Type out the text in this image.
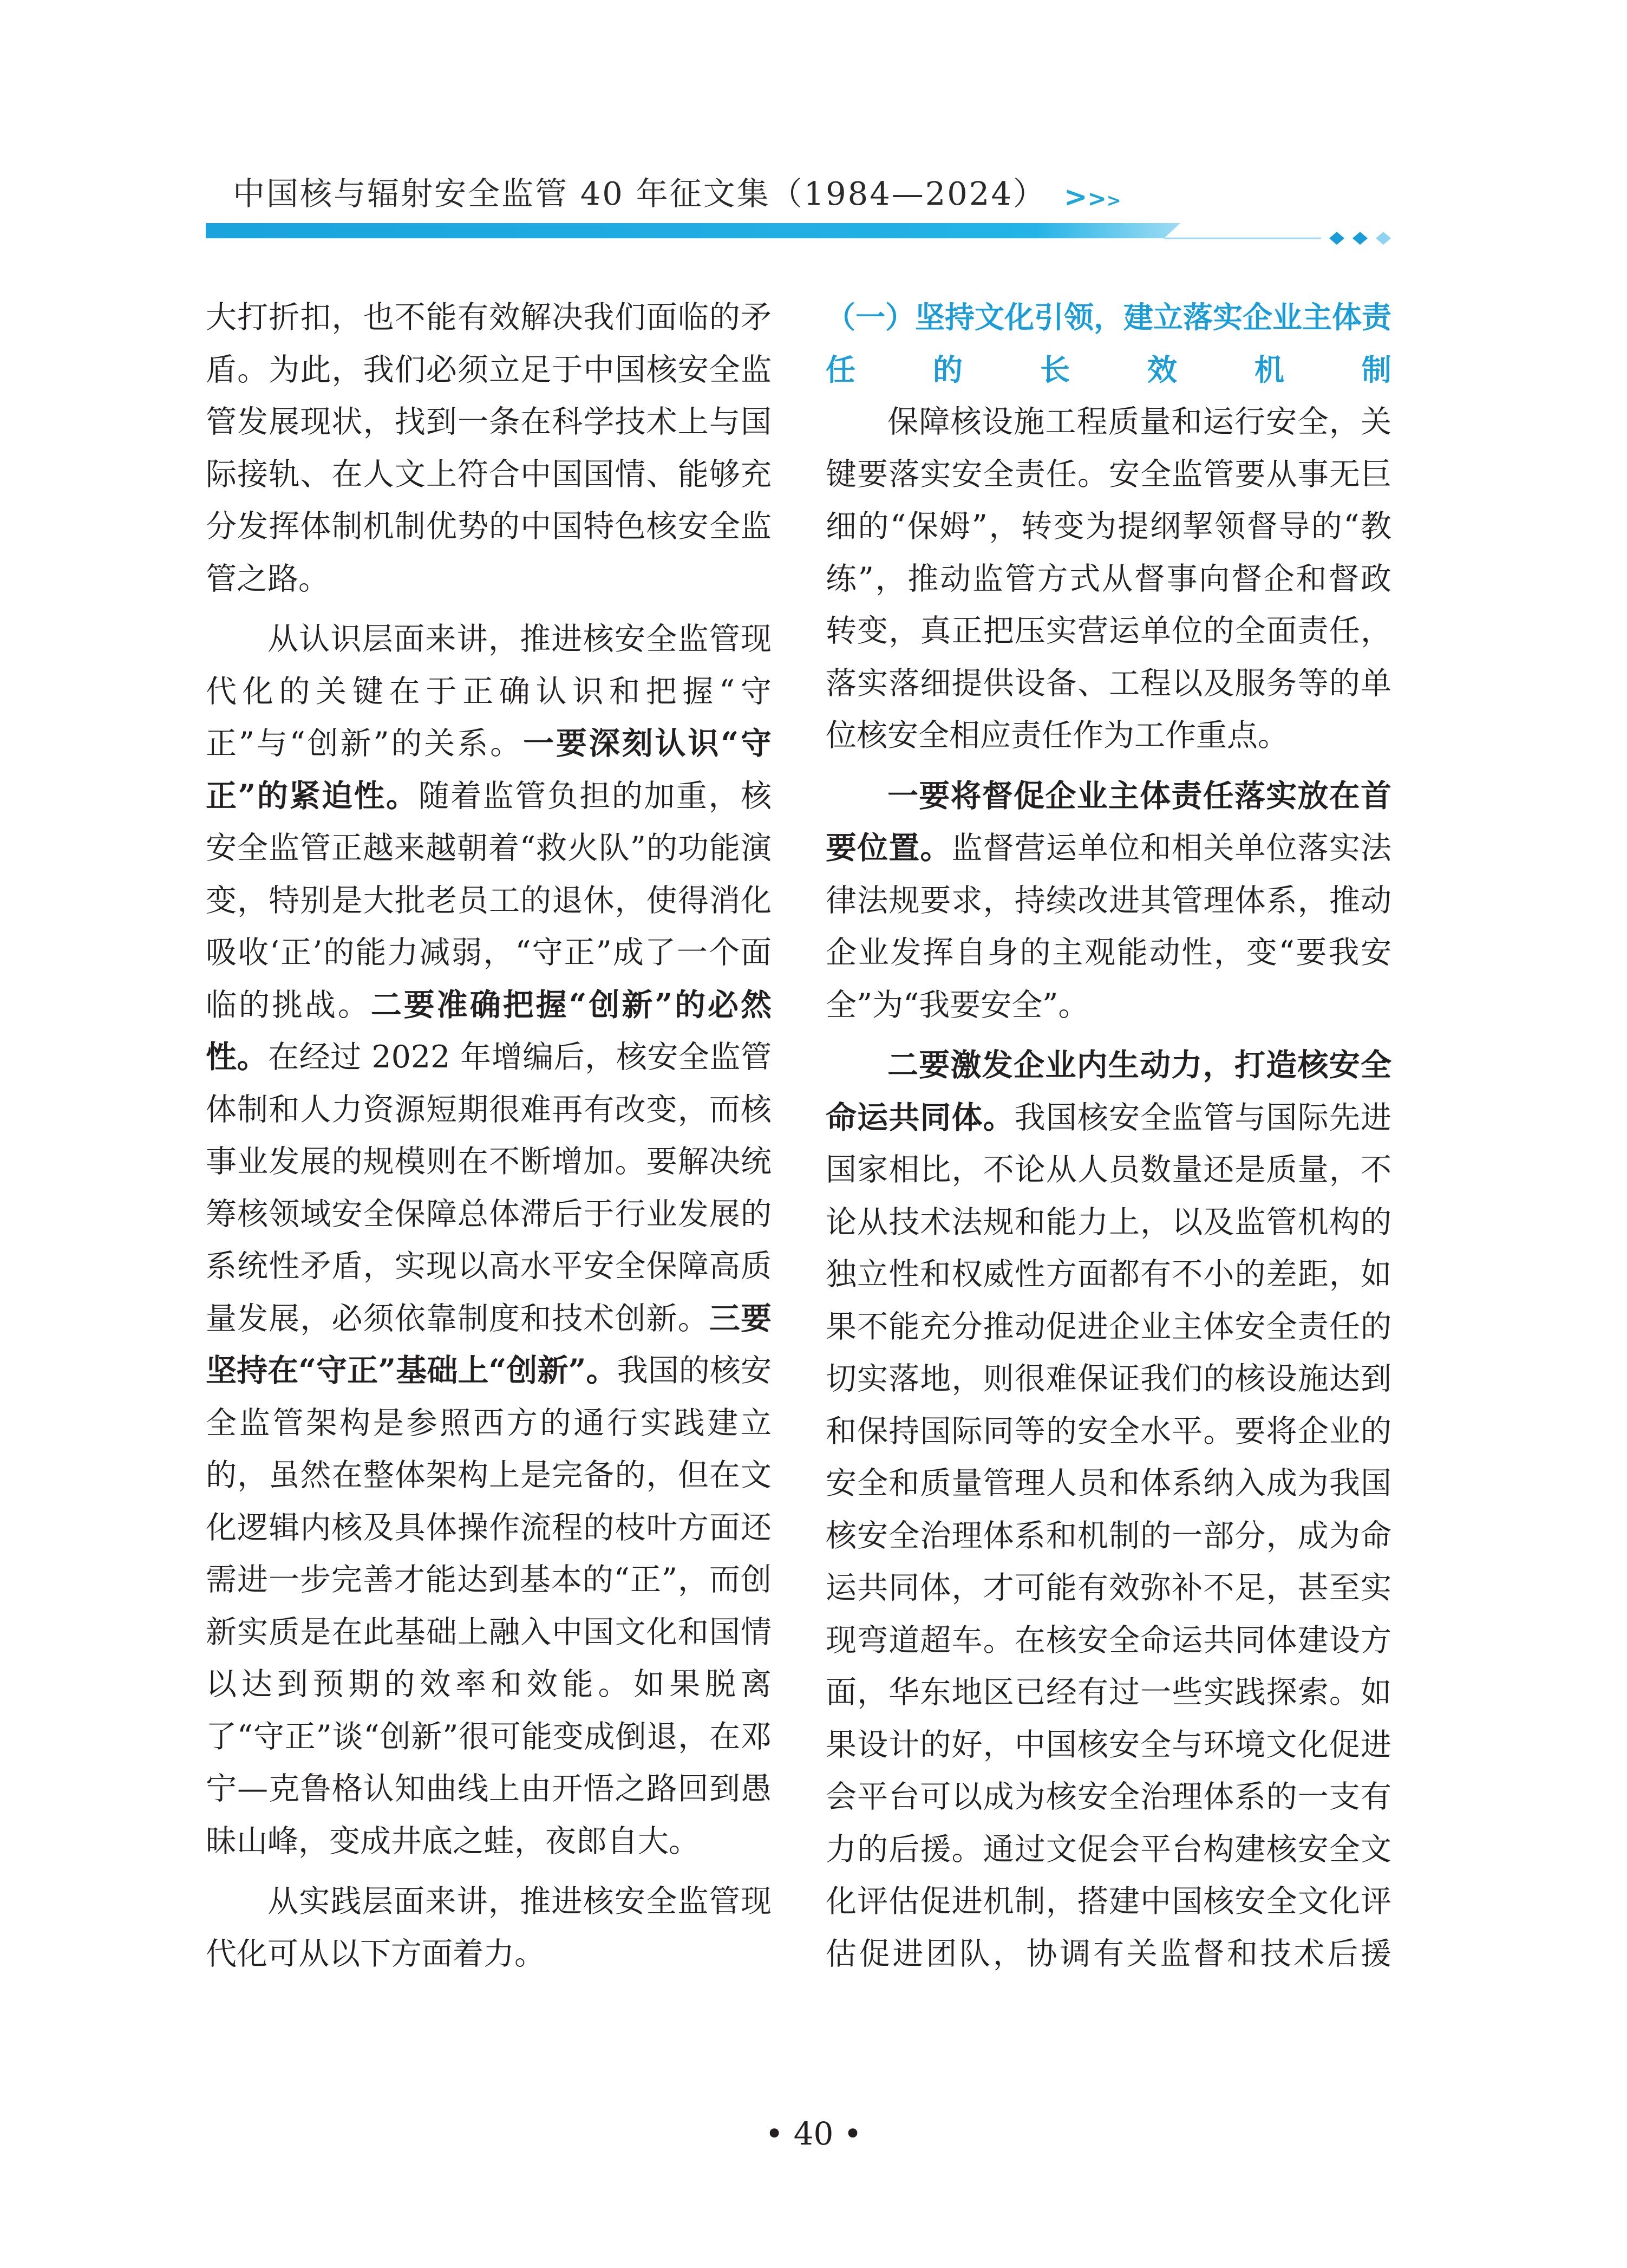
中国核与辐射安全监管 40 年征文集（1984—2024） >>>

大打折扣，也不能有效解决我们面临的矛盾。为此，我们必须立足于中国核安全监管发展现状，找到一条在科学技术上与国际接轨、在人文上符合中国国情、能够充分发挥体制机制优势的中国特色核安全监管之路。

从认识层面来讲，推进核安全监管现代化的关键在于正确认识和把握“守正”与“创新”的关系。一要深刻认识“守正”的紧迫性。随着监管负担的加重，核安全监管正越来越朝着“救火队”的功能演变，特别是大批老员工的退休，使得消化吸收‘正’的能力减弱，“守正”成了一个面临的挑战。二要准确把握“创新”的必然性。在经过 2022 年增编后，核安全监管体制和人力资源短期很难再有改变，而核事业发展的规模则在不断增加。要解决统筹核领域安全保障总体滞后于行业发展的系统性矛盾，实现以高水平安全保障高质量发展，必须依靠制度和技术创新。三要坚持在“守正”基础上“创新”。我国的核安全监管架构是参照西方的通行实践建立的，虽然在整体架构上是完备的，但在文化逻辑内核及具体操作流程的枝叶方面还需进一步完善才能达到基本的“正”，而创新实质是在此基础上融入中国文化和国情以达到预期的效率和效能。如果脱离了“守正”谈“创新”很可能变成倒退，在邓宁—克鲁格认知曲线上由开悟之路回到愚昧山峰，变成井底之蛙，夜郎自大。

从实践层面来讲，推进核安全监管现代化可从以下方面着力。

（一）坚持文化引领，建立落实企业主体责任的长效机制

保障核设施工程质量和运行安全，关键要落实安全责任。安全监管要从事无巨细的“保姆”，转变为提纲挈领督导的“教练”，推动监管方式从督事向督企和督政转变，真正把压实营运单位的全面责任，落实落细提供设备、工程以及服务等的单位核安全相应责任作为工作重点。

一要将督促企业主体责任落实放在首要位置。监督营运单位和相关单位落实法律法规要求，持续改进其管理体系，推动企业发挥自身的主观能动性，变“要我安全”为“我要安全”。

二要激发企业内生动力，打造核安全命运共同体。我国核安全监管与国际先进国家相比，不论从人员数量还是质量，不论从技术法规和能力上，以及监管机构的独立性和权威性方面都有不小的差距，如果不能充分推动促进企业主体安全责任的切实落地，则很难保证我们的核设施达到和保持国际同等的安全水平。要将企业的安全和质量管理人员和体系纳入成为我国核安全治理体系和机制的一部分，成为命运共同体，才可能有效弥补不足，甚至实现弯道超车。在核安全命运共同体建设方面，华东地区已经有过一些实践探索。如果设计的好，中国核安全与环境文化促进会平台可以成为核安全治理体系的一支有力的后援。通过文促会平台构建核安全文化评估促进机制，搭建中国核安全文化评估促进团队，协调有关监督和技术后援

• 40 •
